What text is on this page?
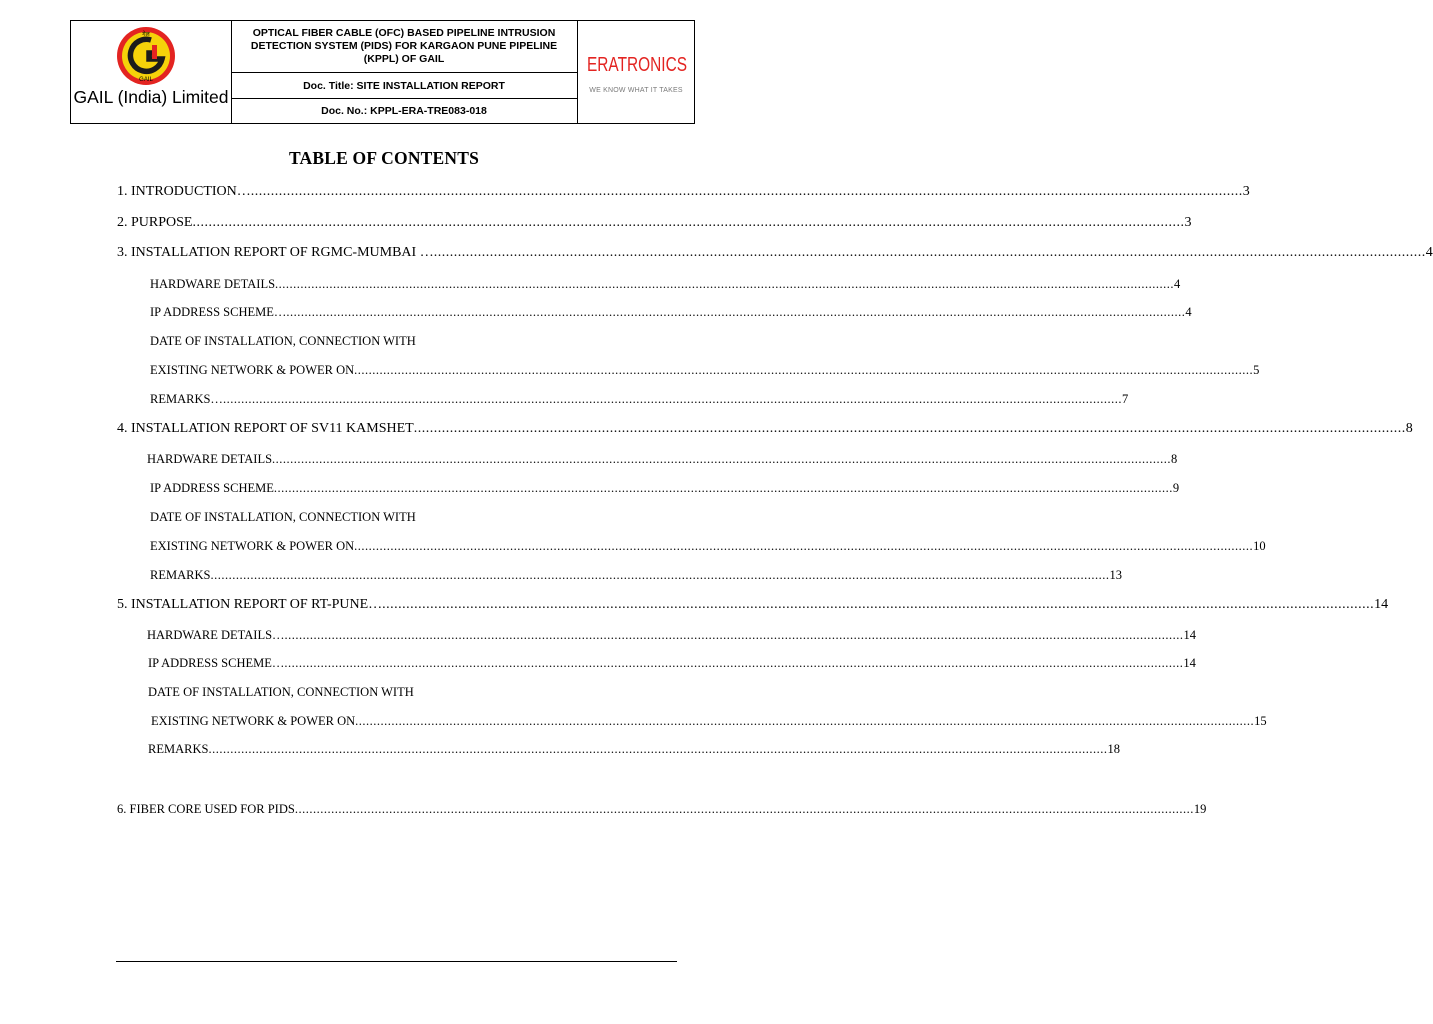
GAIL
गेल
GAIL (India) Limited
OPTICAL FIBER CABLE (OFC) BASED PIPELINE INTRUSION DETECTION SYSTEM (PIDS) FOR KARGAON PUNE PIPELINE (KPPL) OF GAIL
Doc. Title: SITE INSTALLATION REPORT
Doc. No.: KPPL-ERA-TRE083-018
ERATRONICS
WE KNOW WHAT IT TAKES
TABLE OF CONTENTS
1. INTRODUCTION… .....	3
2. PURPOSE .....	3
3. INSTALLATION REPORT OF RGMC-MUMBAI … .....	4
HARDWARE DETAILS .....	4
IP ADDRESS SCHEME… .....	4
DATE OF INSTALLATION, CONNECTION WITH
EXISTING NETWORK & POWER ON .....	5
REMARKS… .....	7
4. INSTALLATION REPORT OF SV11 KAMSHET .....	8
HARDWARE DETAILS .....	8
IP ADDRESS SCHEME .....	9
DATE OF INSTALLATION, CONNECTION WITH
EXISTING NETWORK & POWER ON .....	10
REMARKS .....	13
5. INSTALLATION REPORT OF RT-PUNE… .....	14
HARDWARE DETAILS… .....	14
IP ADDRESS SCHEME… .....	14
DATE OF INSTALLATION, CONNECTION WITH
EXISTING NETWORK & POWER ON .....	15
REMARKS .....	18
6. FIBER CORE USED FOR PIDS .....	19
